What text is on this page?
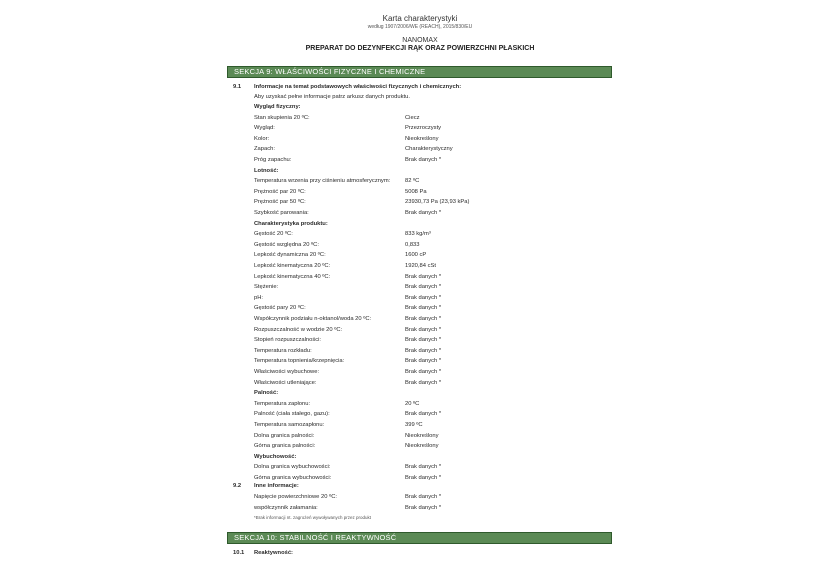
Karta charakterystyki
według 1907/2006/WE (REACH), 2015/830/EU
NANOMAX
PREPARAT DO DEZYNFEKCJI RĄK ORAZ POWIERZCHNI PŁASKICH
SEKCJA 9: WŁAŚCIWOŚCI FIZYCZNE I CHEMICZNE
9.1 Informacje na temat podstawowych właściwości fizycznych i chemicznych:
Aby uzyskać pełne informacje patrz arkusz danych produktu.
Wygląd fizyczny:
Stan skupienia 20 ºC:	Ciecz
Wygląd:	Przezroczysty
Kolor:	Nieokreślony
Zapach:	Charakterystyczny
Próg zapachu:	Brak danych *
Lotność:
Temperatura wrzenia przy ciśnieniu atmosferycznym:	82 ºC
Prężność par 20 ºC:	5008 Pa
Prężność par 50 ºC:	23930,73 Pa (23,93 kPa)
Szybkość parowania:	Brak danych *
Charakterystyka produktu:
Gęstość 20 ºC:	833 kg/m³
Gęstość względna 20 ºC:	0,833
Lepkość dynamiczna 20 ºC:	1600 cP
Lepkość kinematyczna 20 ºC:	1920,84 cSt
Lepkość kinematyczna 40 ºC:	Brak danych *
Stężenie:	Brak danych *
pH:	Brak danych *
Gęstość pary 20 ºC:	Brak danych *
Współczynnik podziału n-oktanol/woda 20 ºC:	Brak danych *
Rozpuszczalność w wodzie 20 ºC:	Brak danych *
Stopień rozpuszczalności:	Brak danych *
Temperatura rozkładu:	Brak danych *
Temperatura topnienia/krzepnięcia:	Brak danych *
Właściwości wybuchowe:	Brak danych *
Właściwości utleniające:	Brak danych *
Palność:
Temperatura zapłonu:	20 ºC
Palność (ciała stałego, gazu):	Brak danych *
Temperatura samozapłonu:	399 ºC
Dolna granica palności:	Nieokreślony
Górna granica palności:	Nieokreślony
Wybuchowość:
Dolna granica wybuchowości:	Brak danych *
Górna granica wybuchowości:	Brak danych *
9.2 Inne informacje:
Napięcie powierzchniowe 20 ºC:	Brak danych *
współczynnik załamania:	Brak danych *
*Brak informacji nt. zagrożeń wywoływanych przez produkt
SEKCJA 10: STABILNOŚĆ I REAKTYWNOŚĆ
10.1 Reaktywność:
